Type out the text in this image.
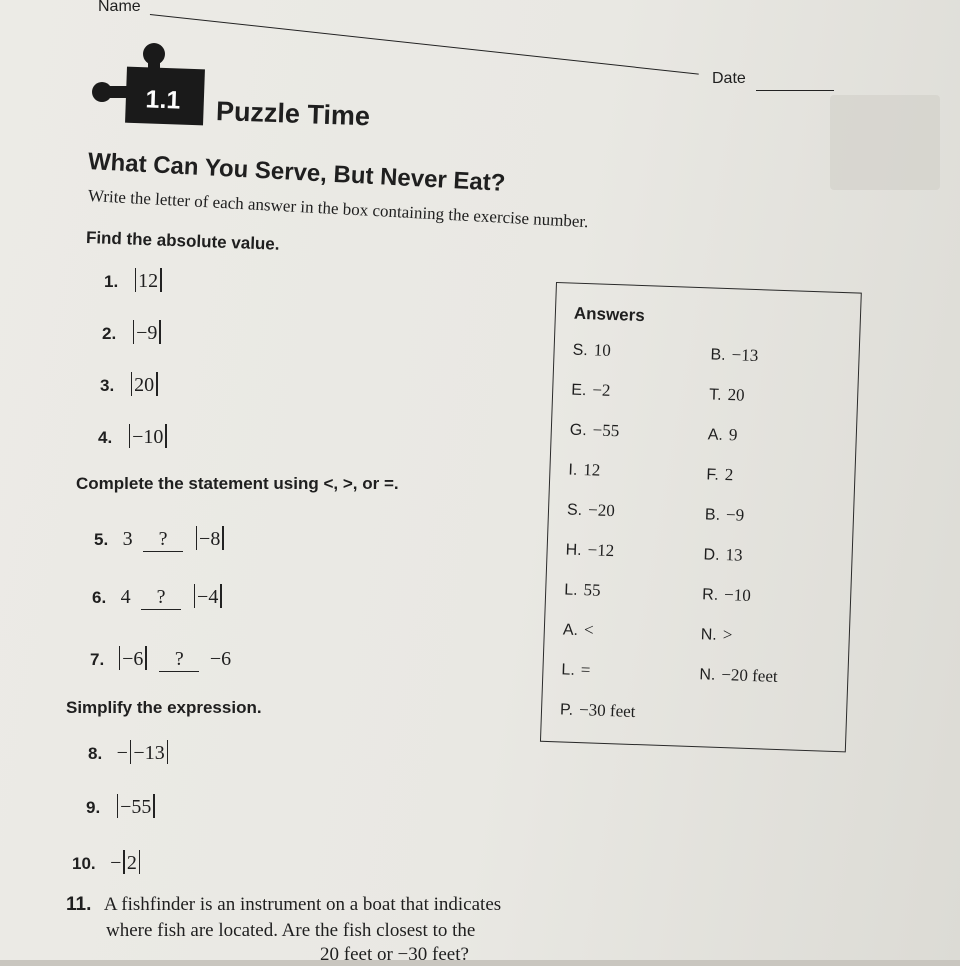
Name
Date
1.1	Puzzle Time
What Can You Serve, But Never Eat?
Write the letter of each answer in the box containing the exercise number.
Find the absolute value.
1. 12
2. −9
3. 20
4. −10
Complete the statement using <, >, or =.
5. 3 ? −8
6. 4 ? −4
7. −6 ? −6
Simplify the expression.
8. − −13
9. −55
10. − 2
Answers
S. 10
E. −2
G. −55
I. 12
S. −20
H. −12
L. 55
A. <
L. =
P. −30 feet
B. −13
T. 20
A. 9
F. 2
B. −9
D. 13
R. −10
N. >
N. −20 feet
11. A fishfinder is an instrument on a boat that indicates
where fish are located. Are the fish closest to the
20 feet or −30 feet?
